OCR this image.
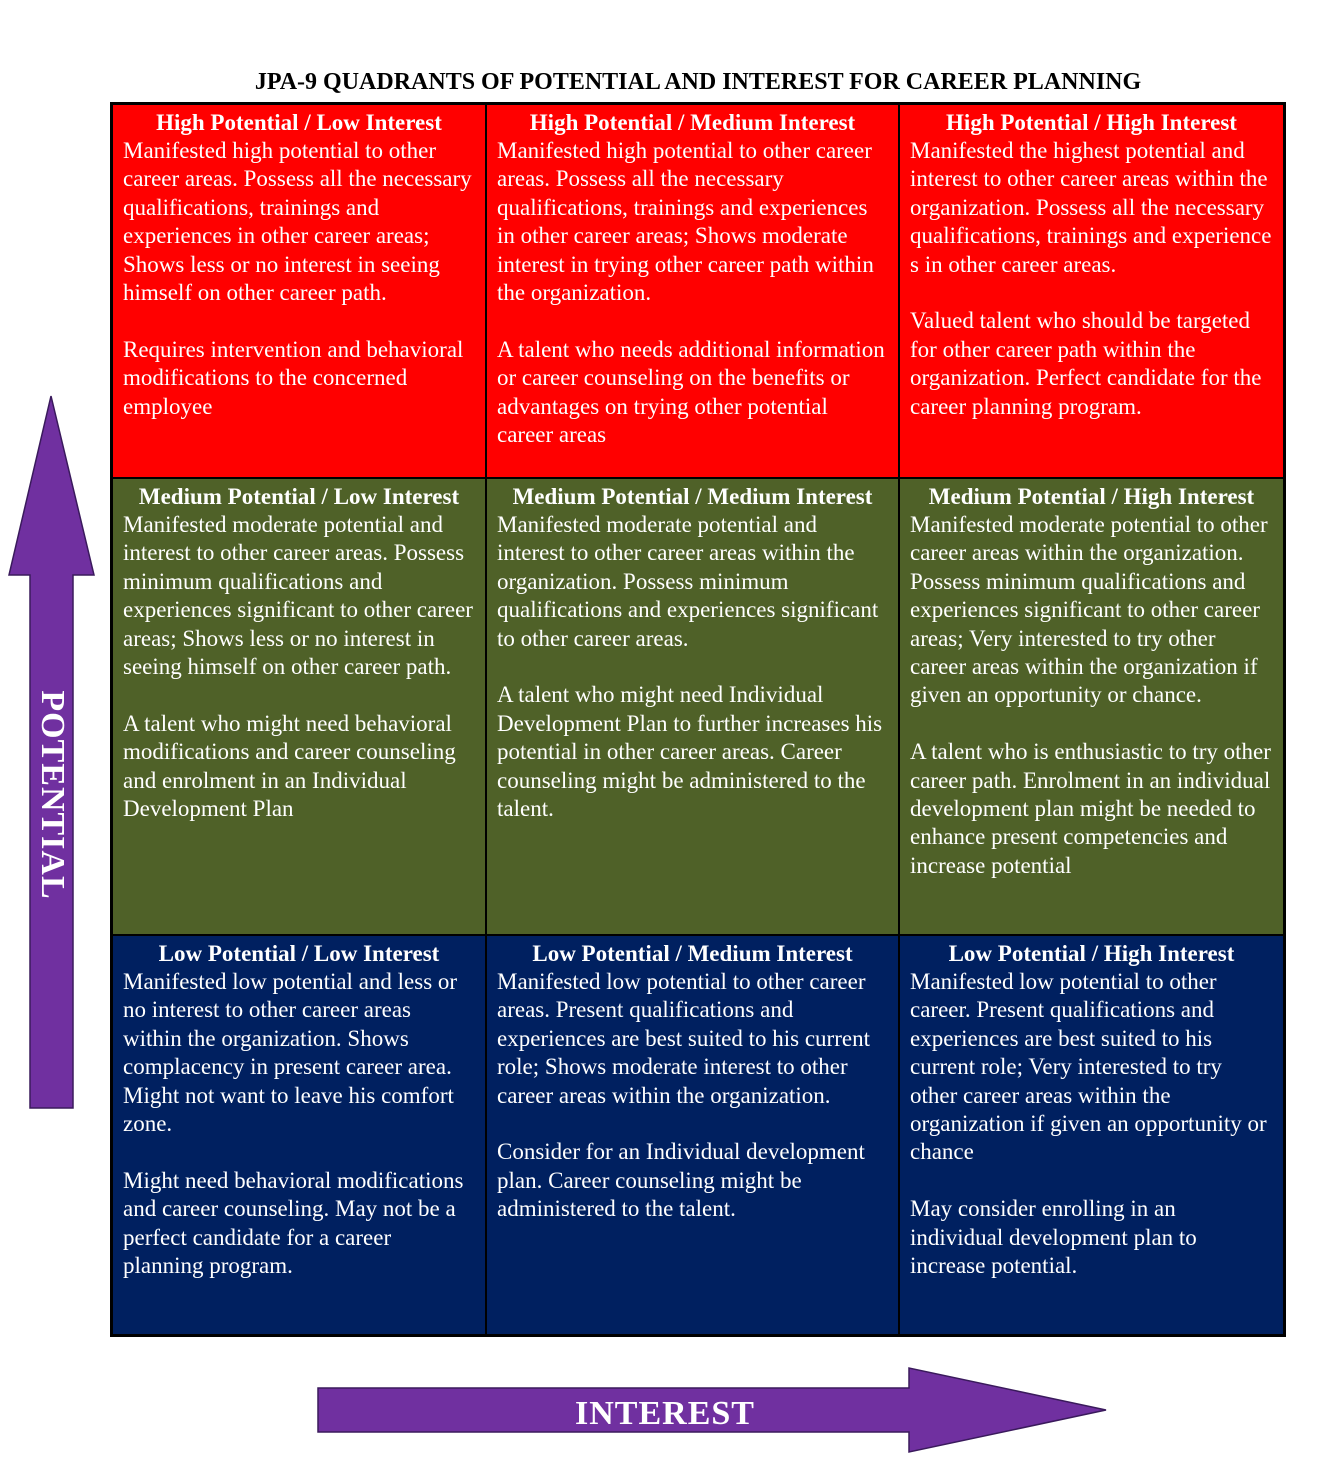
JPA-9 QUADRANTS OF POTENTIAL AND INTEREST FOR CAREER PLANNING
High Potential / Low Interest

Manifested high potential to other career areas. Possess all the necessary qualifications, trainings and experiences in other career areas; Shows less or no interest in seeing himself on other career path.

Requires intervention and behavioral modifications to the concerned employee

High Potential / Medium Interest

Manifested high potential to other career areas. Possess all the necessary qualifications, trainings and experiences in other career areas; Shows moderate interest in trying other career path within the organization.

A talent who needs additional information or career counseling on the benefits or advantages on trying other potential career areas

High Potential / High Interest

Manifested the highest potential and interest to other career areas within the organization. Possess all the necessary qualifications, trainings and experience s in other career areas.

Valued talent who should be targeted for other career path within the organization. Perfect candidate for the career planning program.

Medium Potential / Low Interest

Manifested moderate potential and interest to other career areas. Possess minimum qualifications and experiences significant to other career areas; Shows less or no interest in seeing himself on other career path.

A talent who might need behavioral modifications and career counseling and enrolment in an Individual Development Plan

Medium Potential / Medium Interest

Manifested moderate potential and interest to other career areas within the organization. Possess minimum qualifications and experiences significant to other career areas.

A talent who might need Individual Development Plan to further increases his potential in other career areas. Career counseling might be administered to the talent.

Medium Potential / High Interest

Manifested moderate potential to other career areas within the organization. Possess minimum qualifications and experiences significant to other career areas; Very interested to try other career areas within the organization if given an opportunity or chance.

A talent who is enthusiastic to try other career path. Enrolment in an individual development plan might be needed to enhance present competencies and increase potential

Low Potential / Low Interest

Manifested low potential and less or no interest to other career areas within the organization. Shows complacency in present career area. Might not want to leave his comfort zone.

Might need behavioral modifications and career counseling. May not be a perfect candidate for a career planning program.

Low Potential / Medium Interest

Manifested low potential to other career areas. Present qualifications and experiences are best suited to his current role; Shows moderate interest to other career areas within the organization.

Consider for an Individual development plan. Career counseling might be administered to the talent.

Low Potential / High Interest

Manifested low potential to other career. Present qualifications and experiences are best suited to his current role; Very interested to try other career areas within the organization if given an opportunity or chance

May consider enrolling in an individual development plan to increase potential.

POTENTIAL
INTEREST
